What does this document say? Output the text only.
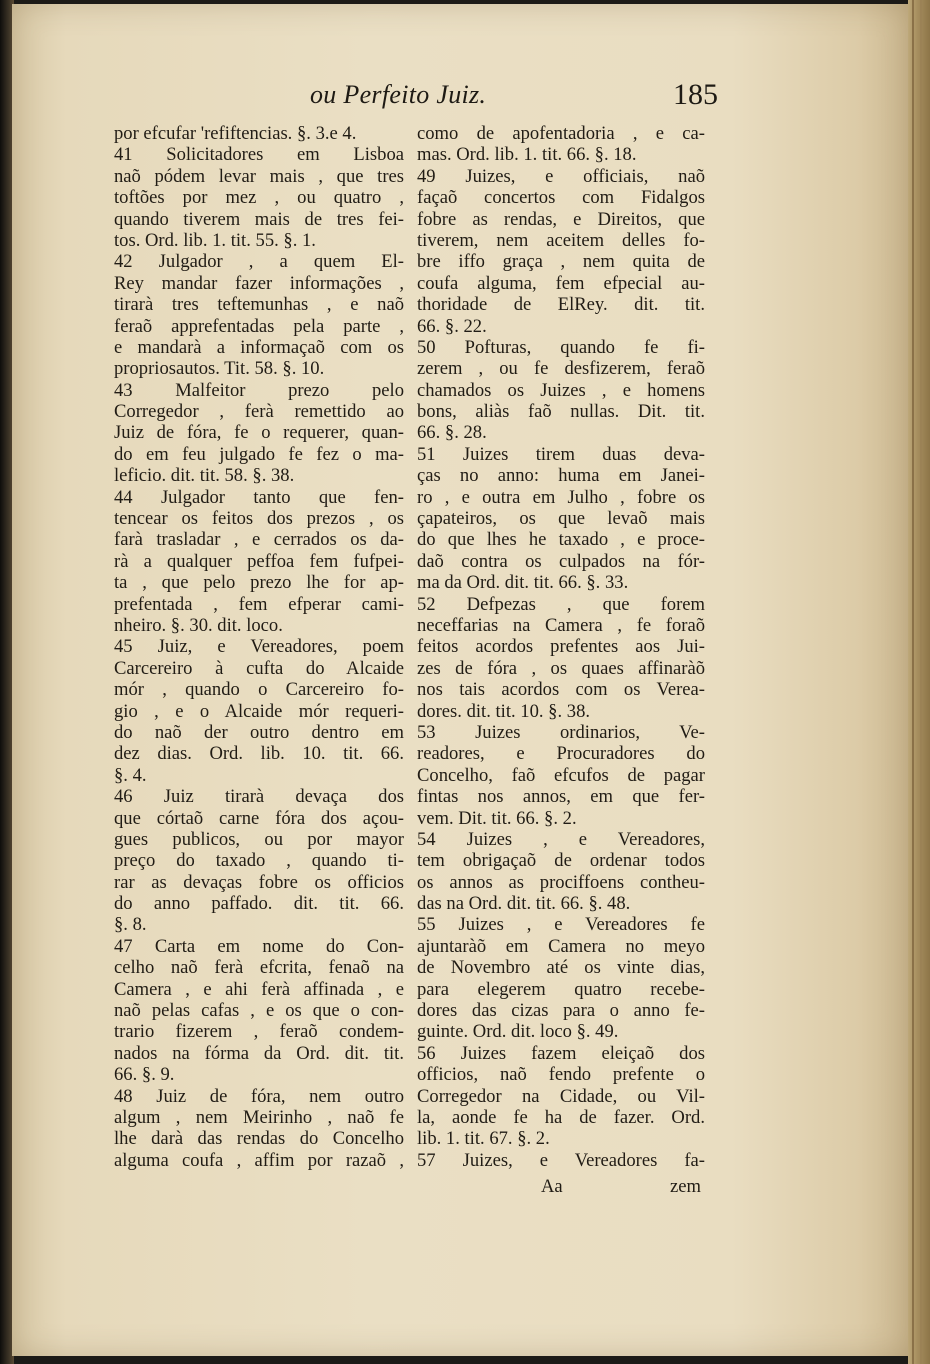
ou Perfeito Juiz.	185
por efcufar 'refiftencias. §. 3.e 4.
41 Solicitadores em Lisboa
naõ pódem levar mais , que tres
toftões por mez , ou quatro ,
quando tiverem mais de tres fei-
tos. Ord. lib. 1. tit. 55. §. 1.
42 Julgador , a quem El-
Rey mandar fazer informações ,
tirarà tres teftemunhas , e naõ
feraõ apprefentadas pela parte ,
e mandarà a informaçaõ com os
propriosautos. Tit. 58. §. 10.
43 Malfeitor prezo pelo
Corregedor , ferà remettido ao
Juiz de fóra, fe o requerer, quan-
do em feu julgado fe fez o ma-
leficio. dit. tit. 58. §. 38.
44 Julgador tanto que fen-
tencear os feitos dos prezos , os
farà trasladar , e cerrados os da-
rà a qualquer peffoa fem fufpei-
ta , que pelo prezo lhe for ap-
prefentada , fem efperar cami-
nheiro. §. 30. dit. loco.
45 Juiz, e Vereadores, poem
Carcereiro à cufta do Alcaide
mór , quando o Carcereiro fo-
gio , e o Alcaide mór requeri-
do naõ der outro dentro em
dez dias. Ord. lib. 10. tit. 66.
§. 4.
46 Juiz tirarà devaça dos
que córtaõ carne fóra dos açou-
gues publicos, ou por mayor
preço do taxado , quando ti-
rar as devaças fobre os officios
do anno paffado. dit. tit. 66.
§. 8.
47 Carta em nome do Con-
celho naõ ferà efcrita, fenaõ na
Camera , e ahi ferà affinada , e
naõ pelas cafas , e os que o con-
trario fizerem , feraõ condem-
nados na fórma da Ord. dit. tit.
66. §. 9.
48 Juiz de fóra, nem outro
algum , nem Meirinho , naõ fe
lhe darà das rendas do Concelho
alguma coufa , affim por razaõ ,
como de apofentadoria , e ca-
mas. Ord. lib. 1. tit. 66. §. 18.
49 Juizes, e officiais, naõ
façaõ concertos com Fidalgos
fobre as rendas, e Direitos, que
tiverem, nem aceitem delles fo-
bre iffo graça , nem quita de
coufa alguma, fem efpecial au-
thoridade de ElRey. dit. tit.
66. §. 22.
50 Pofturas, quando fe fi-
zerem , ou fe desfizerem, feraõ
chamados os Juizes , e homens
bons, aliàs faõ nullas. Dit. tit.
66. §. 28.
51 Juizes tirem duas deva-
ças no anno: huma em Janei-
ro , e outra em Julho , fobre os
çapateiros, os que levaõ mais
do que lhes he taxado , e proce-
daõ contra os culpados na fór-
ma da Ord. dit. tit. 66. §. 33.
52 Defpezas , que forem
neceffarias na Camera , fe foraõ
feitos acordos prefentes aos Jui-
zes de fóra , os quaes affinaràõ
nos tais acordos com os Verea-
dores. dit. tit. 10. §. 38.
53 Juizes ordinarios, Ve-
readores, e Procuradores do
Concelho, faõ efcufos de pagar
fintas nos annos, em que fer-
vem. Dit. tit. 66. §. 2.
54 Juizes , e Vereadores,
tem obrigaçaõ de ordenar todos
os annos as prociffoens contheu-
das na Ord. dit. tit. 66. §. 48.
55 Juizes , e Vereadores fe
ajuntaràõ em Camera no meyo
de Novembro até os vinte dias,
para elegerem quatro recebe-
dores das cizas para o anno fe-
guinte. Ord. dit. loco §. 49.
56 Juizes fazem eleiçaõ dos
officios, naõ fendo prefente o
Corregedor na Cidade, ou Vil-
la, aonde fe ha de fazer. Ord.
lib. 1. tit. 67. §. 2.
57 Juizes, e Vereadores fa-
Aa	zem
